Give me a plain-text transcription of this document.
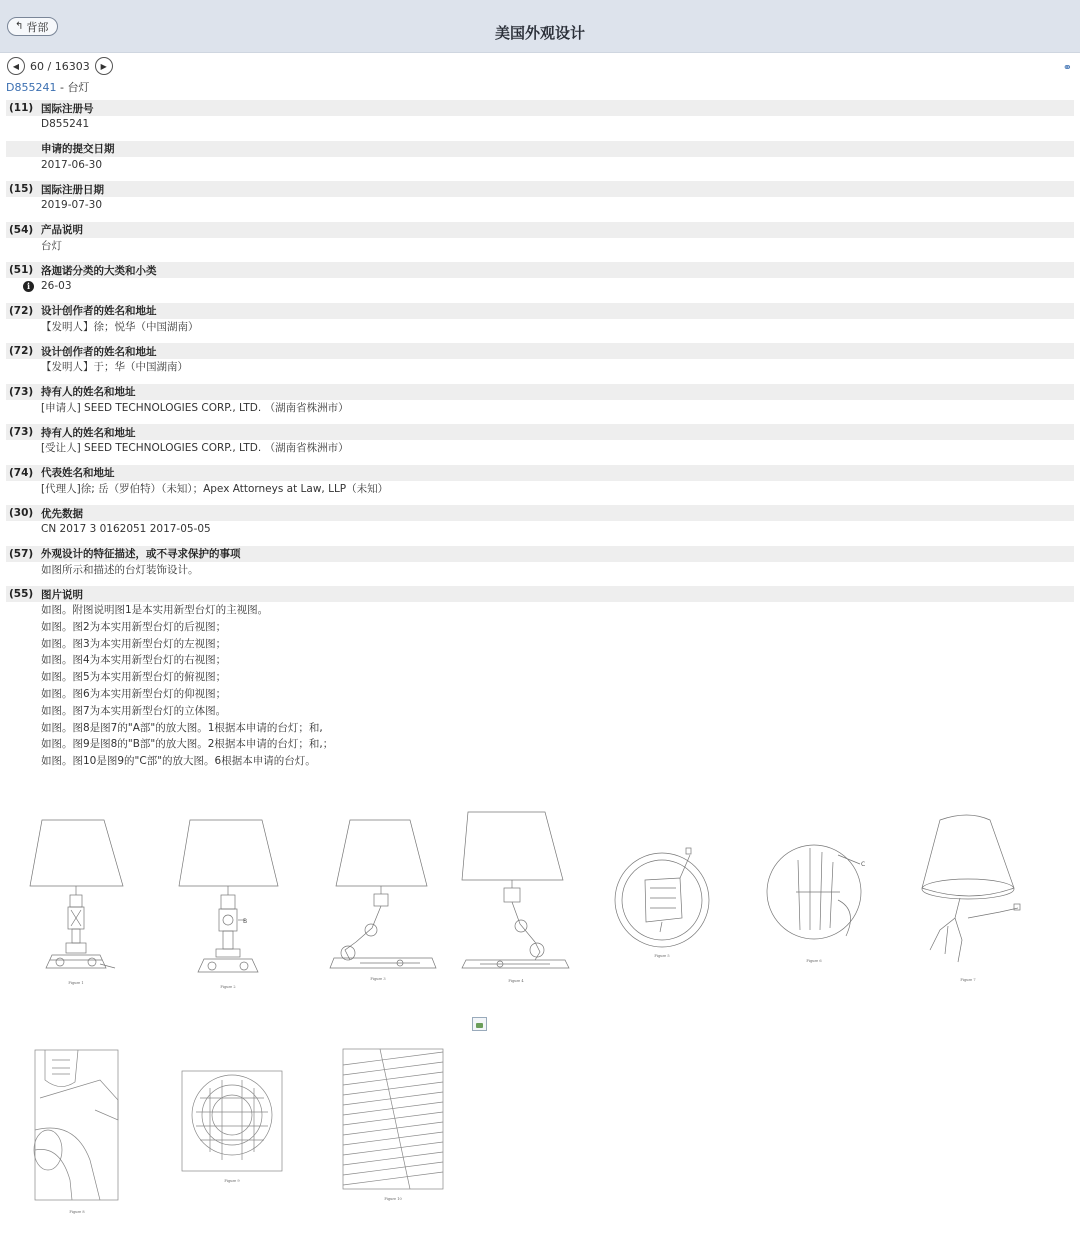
↰ 背部	美国外观设计
◀ 60 / 16303 ▶	⚭
D855241 - 台灯
(11) 国际注册号
D855241
申请的提交日期
2017-06-30
(15) 国际注册日期
2019-07-30
(54) 产品说明
台灯
(51) 洛迦诺分类的大类和小类
i	26-03
(72) 设计创作者的姓名和地址
【发明人】徐；悦华（中国湖南）
(72) 设计创作者的姓名和地址
【发明人】于；华（中国湖南）
(73) 持有人的姓名和地址
[申请人] SEED TECHNOLOGIES CORP., LTD. （湖南省株洲市）
(73) 持有人的姓名和地址
[受让人] SEED TECHNOLOGIES CORP., LTD. （湖南省株洲市）
(74) 代表姓名和地址
[代理人]徐; 岳（罗伯特）（未知）；Apex Attorneys at Law, LLP（未知）
(30) 优先数据
CN 2017 3 0162051 2017-05-05
(57) 外观设计的特征描述，或不寻求保护的事项
如图所示和描述的台灯装饰设计。
(55) 图片说明
如图。附图说明图1是本实用新型台灯的主视图。
如图。图2为本实用新型台灯的后视图；
如图。图3为本实用新型台灯的左视图；
如图。图4为本实用新型台灯的右视图；
如图。图5为本实用新型台灯的俯视图；
如图。图6为本实用新型台灯的仰视图；
如图。图7为本实用新型台灯的立体图。
如图。图8是图7的"A部"的放大图。1根据本申请的台灯；和,
如图。图9是图8的"B部"的放大图。2根据本申请的台灯；和,；
如图。图10是图9的"C部"的放大图。6根据本申请的台灯。
B
C
Figure 1
Figure 2
Figure 3	Figure 4
Figure 5
Figure 6
Figure 7
Figure 8
Figure 9
Figure 10
